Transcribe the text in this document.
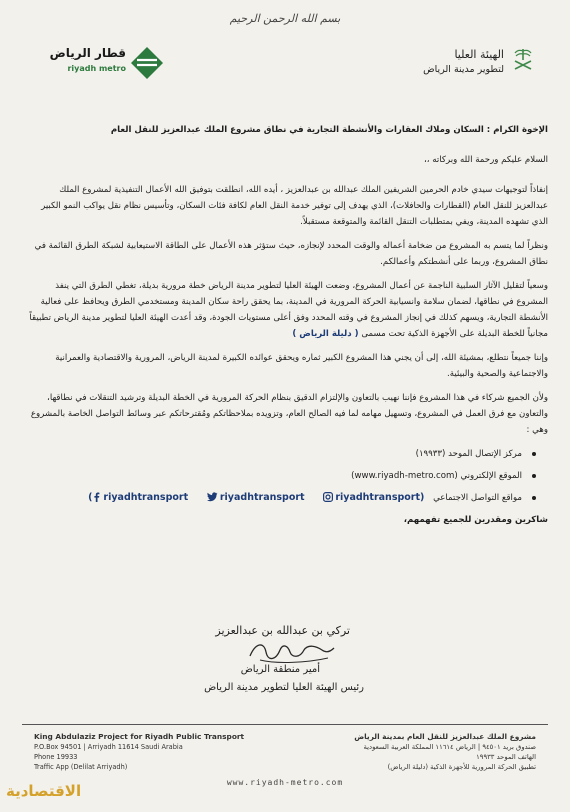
بسم الله الرحمن الرحيم
الهيئة العليا
لتطوير مدينة الرياض
قطار الرياض
riyadh metro

الإخوة الكرام : السكان وملاك العقارات والأنشطة التجارية في نطاق مشروع الملك عبدالعزيز للنقل العام

السلام عليكم ورحمة الله وبركاته ،،

إنفاذاً لتوجيهات سيدي خادم الحرمين الشريفين الملك عبدالله بن عبدالعزيز ، أيده الله، انطلقت بتوفيق الله الأعمال التنفيذية لمشروع الملك عبدالعزيز للنقل العام (القطارات والحافلات)، الذي يهدف إلى توفير خدمة النقل العام لكافة فئات السكان، وتأسيس نظام نقل يواكب النمو الكبير الذي تشهده المدينة، ويفي بمتطلبات التنقل القائمة والمتوقعة مستقبلاً.

ونظراً لما يتسم به المشروع من ضخامة أعماله والوقت المحدد لإنجازه، حيث ستؤثر هذه الأعمال على الطاقة الاستيعابية لشبكة الطرق القائمة في نطاق المشروع، وربما على أنشطتكم وأعمالكم.

وسعياً لتقليل الآثار السلبية الناجمة عن أعمال المشروع، وضعت الهيئة العليا لتطوير مدينة الرياض خطة مرورية بديلة، تغطي الطرق التي ينفذ المشروع في نطاقها، لضمان سلامة وانسيابية الحركة المرورية في المدينة، بما يحقق راحة سكان المدينة ومستخدمي الطرق ويحافظ على فعالية الأنشطة التجارية، ويسهم كذلك في إنجاز المشروع في وقته المحدد وفق أعلى مستويات الجودة، وقد أعدت الهيئة العليا لتطوير مدينة الرياض تطبيقاً مجانياً للخطة البديلة على الأجهزة الذكية تحت مسمى ( دليلة الرياض )

وإننا جميعاً نتطلع، بمشيئة الله، إلى أن يجني هذا المشروع الكبير ثماره ويحقق عوائده الكبيرة لمدينة الرياض، المرورية والاقتصادية والعمرانية والاجتماعية والصحية والبيئية.

ولأن الجميع شركاء في هذا المشروع فإننا نهيب بالتعاون والإلتزام الدقيق بنظام الحركة المرورية في الخطة البديلة وترشيد التنقلات في نطاقها، والتعاون مع فرق العمل في المشروع، وتسهيل مهامه لما فيه الصالح العام، وتزويده بملاحظاتكم ومُقترحاتكم عبر وسائط التواصل الخاصة بالمشروع وهي :

مركز الإتصال الموحد (١٩٩٣٣)
الموقع الإلكتروني (www.riyadh-metro.com)
مواقع التواصل الاجتماعي ( riyadhtransport	riyadhtransport	riyadhtransport)

شاكرين ومقدرين للجميع تفهمهم،

تركي بن عبدالله بن عبدالعزيز
أمير منطقة الرياض
رئيس الهيئة العليا لتطوير مدينة الرياض
King Abdulaziz Project for Riyadh Public Transport
P.O.Box 94501 | Arriyadh 11614 Saudi Arabia
Phone 19933
Traffic App (Delilat Arriyadh)
مشروع الملك عبدالعزيز للنقل العام بمدينة الرياض
صندوق بريد ٩٤٥٠١ | الرياض ١١٦١٤ المملكة العربية السعودية
الهاتف الموحد ١٩٩٣٣
تطبيق الحركة المرورية للأجهزة الذكية (دليلة الرياض)
www.riyadh-metro.com
الاقتصادية
